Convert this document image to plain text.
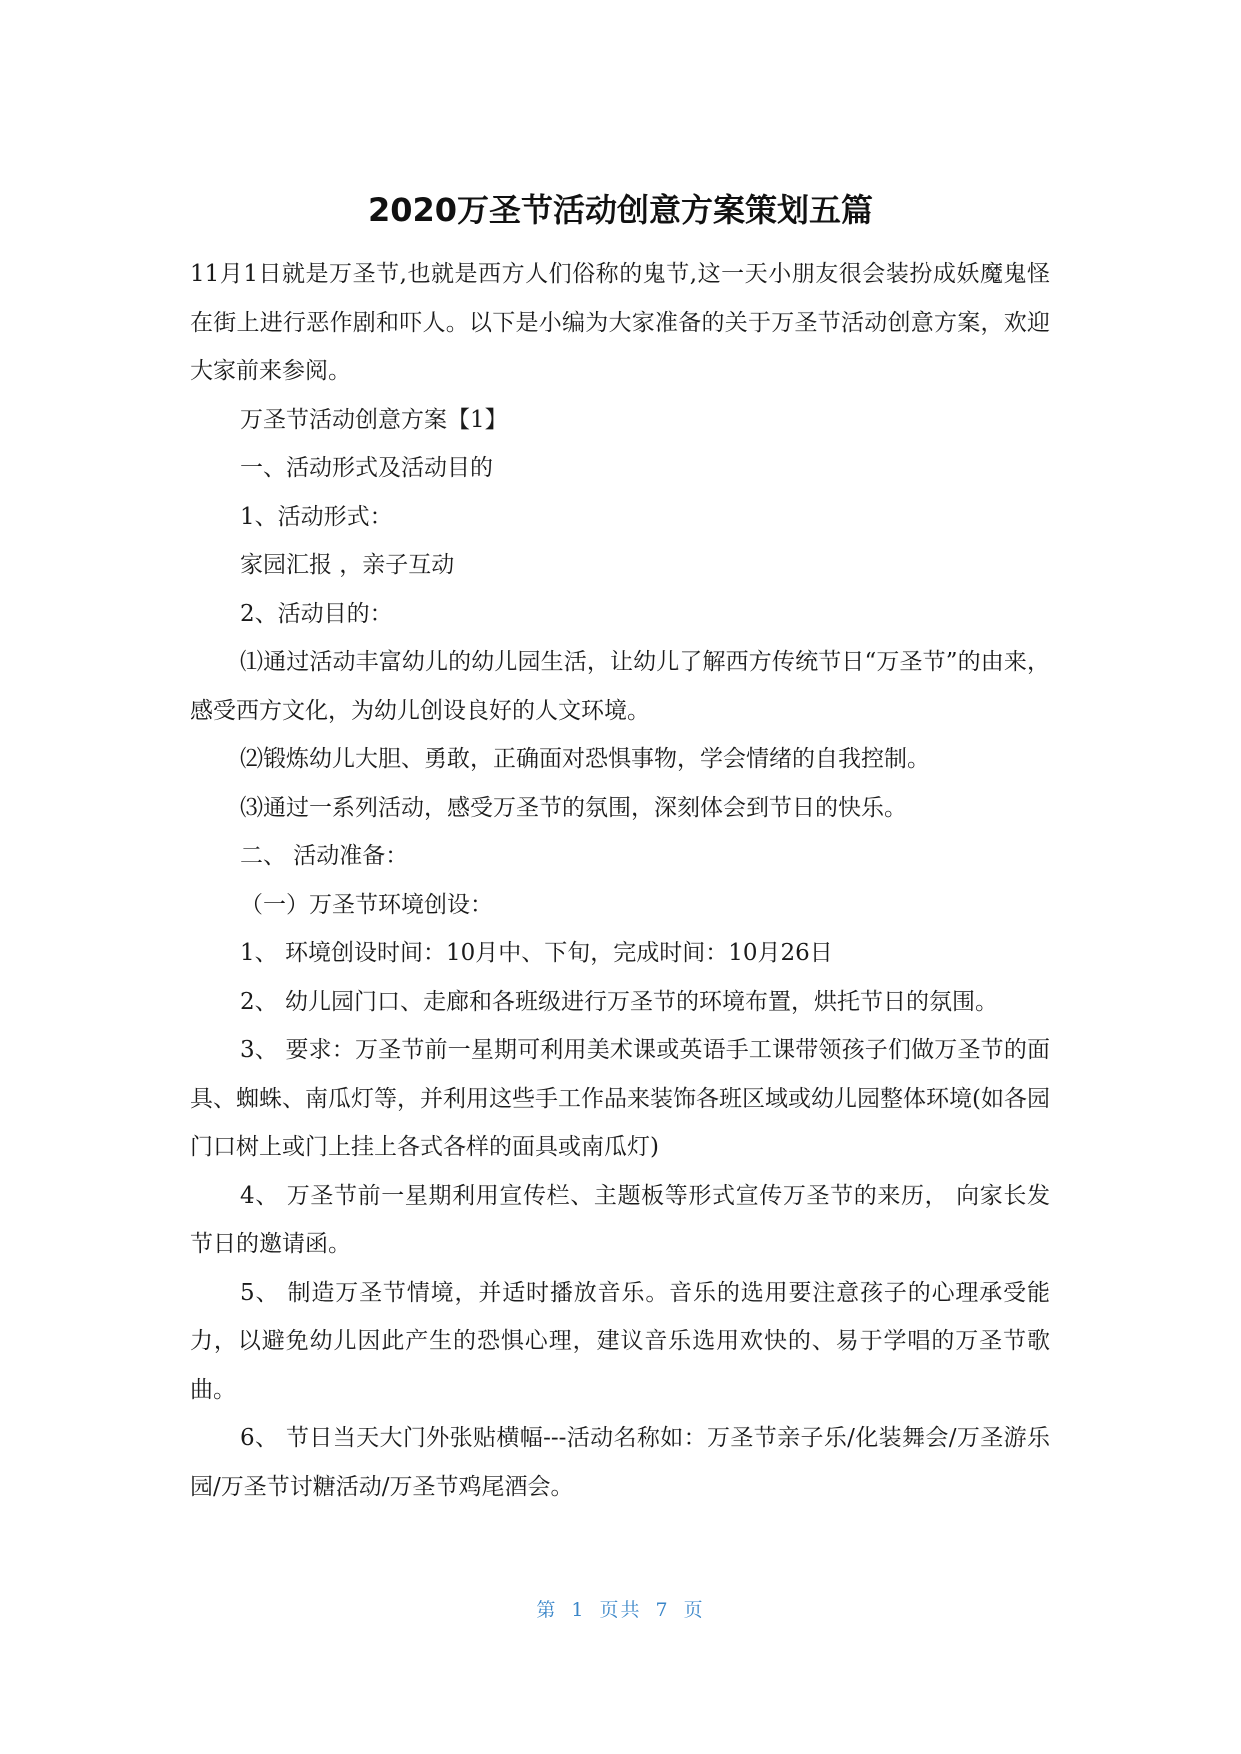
2020万圣节活动创意方案策划五篇

11月1日就是万圣节,也就是西方人们俗称的鬼节,这一天小朋友很会装扮成妖魔鬼怪在街上进行恶作剧和吓人。以下是小编为大家准备的关于万圣节活动创意方案，欢迎大家前来参阅。

万圣节活动创意方案【1】

一、活动形式及活动目的

1、活动形式：

家园汇报 ，亲子互动

2、活动目的：

⑴通过活动丰富幼儿的幼儿园生活，让幼儿了解西方传统节日“万圣节”的由来，感受西方文化，为幼儿创设良好的人文环境。

⑵锻炼幼儿大胆、勇敢，正确面对恐惧事物，学会情绪的自我控制。

⑶通过一系列活动，感受万圣节的氛围，深刻体会到节日的快乐。

二、 活动准备：

（一）万圣节环境创设：

1、 环境创设时间：10月中、下旬，完成时间：10月26日

2、 幼儿园门口、走廊和各班级进行万圣节的环境布置，烘托节日的氛围。

3、 要求：万圣节前一星期可利用美术课或英语手工课带领孩子们做万圣节的面具、蜘蛛、南瓜灯等，并利用这些手工作品来装饰各班区域或幼儿园整体环境(如各园门口树上或门上挂上各式各样的面具或南瓜灯)

4、 万圣节前一星期利用宣传栏、主题板等形式宣传万圣节的来历， 向家长发节日的邀请函。

5、 制造万圣节情境，并适时播放音乐。音乐的选用要注意孩子的心理承受能力，以避免幼儿因此产生的恐惧心理，建议音乐选用欢快的、易于学唱的万圣节歌曲。

6、 节日当天大门外张贴横幅---活动名称如：万圣节亲子乐/化装舞会/万圣游乐园/万圣节讨糖活动/万圣节鸡尾酒会。

第 1 页共 7 页
